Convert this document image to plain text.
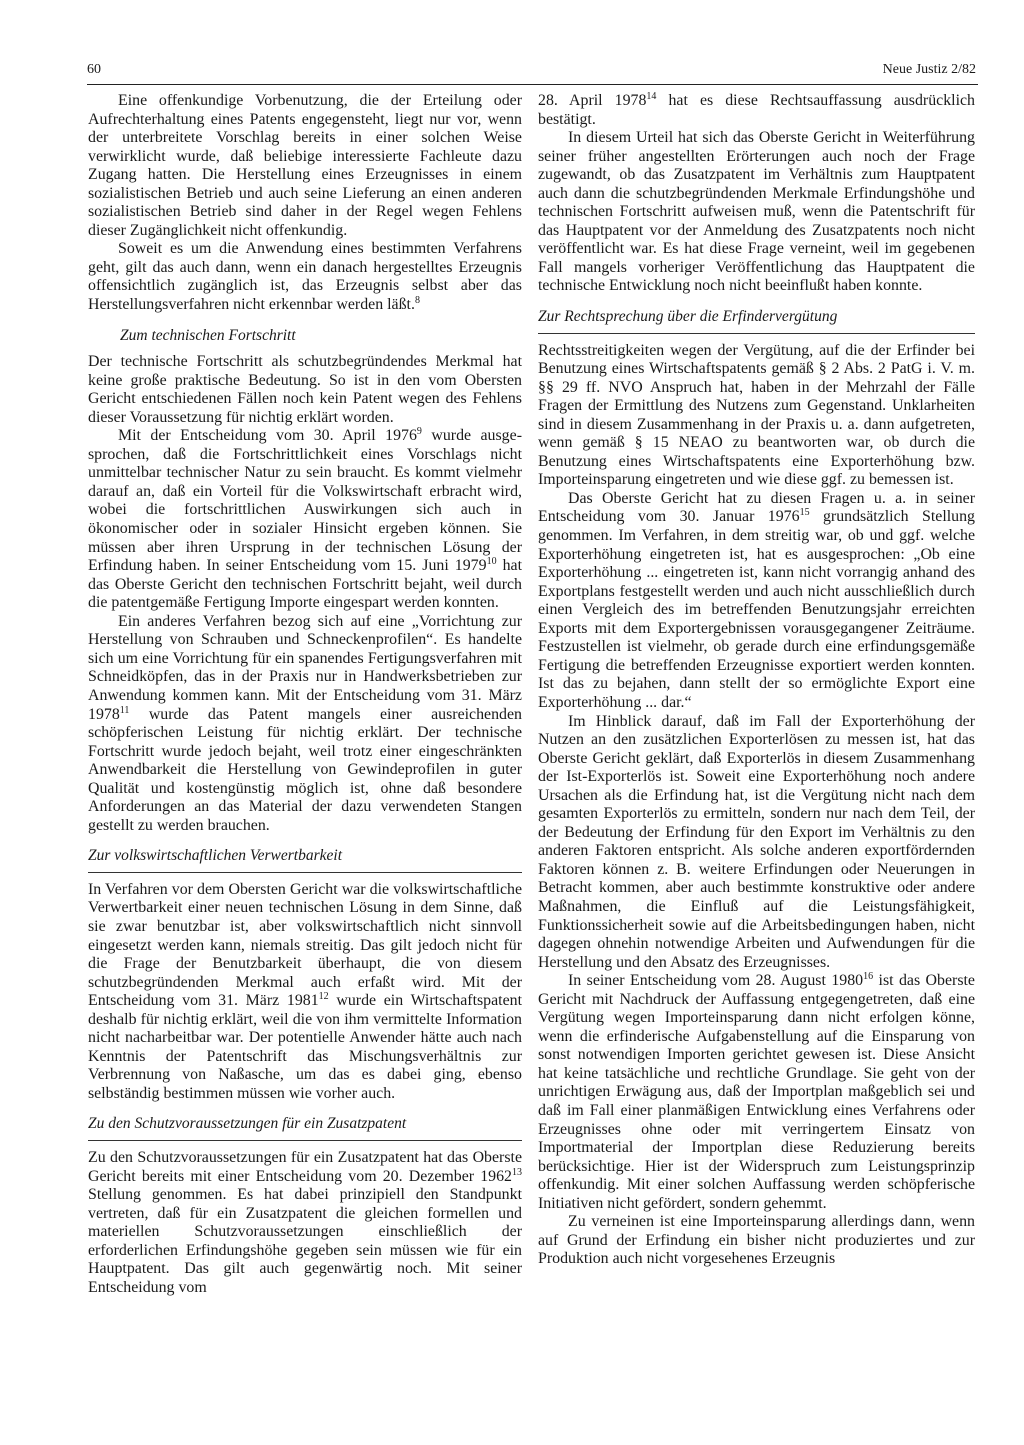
60	Neue Justiz 2/82

Eine offenkundige Vorbenutzung, die der Erteilung oder Aufrechterhaltung eines Patents engegensteht, liegt nur vor, wenn der unterbreitete Vorschlag bereits in einer solchen Weise verwirklicht wurde, daß beliebige interessierte Fachleute dazu Zugang hatten. Die Herstellung eines Erzeugnisses in einem sozialistischen Betrieb und auch seine Lieferung an einen anderen sozialistischen Betrieb sind daher in der Regel wegen Fehlens dieser Zugänglichkeit nicht offenkundig.

Soweit es um die Anwendung eines bestimmten Verfahrens geht, gilt das auch dann, wenn ein danach hergestelltes Erzeugnis offensichtlich zugänglich ist, das Erzeugnis selbst aber das Herstellungsverfahren nicht erkennbar werden läßt.$^8$

Zum technischen Fortschritt

Der technische Fortschritt als schutzbegründendes Merkmal hat keine große praktische Bedeutung. So ist in den vom Obersten Gericht entschiedenen Fällen noch kein Patent wegen des Fehlens dieser Voraussetzung für nichtig erklärt worden.

Mit der Entscheidung vom 30. April 1976$^9$ wurde ausgesprochen, daß die Fortschrittlichkeit eines Vorschlags nicht unmittelbar technischer Natur zu sein braucht. Es kommt vielmehr darauf an, daß ein Vorteil für die Volkswirtschaft erbracht wird, wobei die fortschrittlichen Auswirkungen sich auch in ökonomischer oder in sozialer Hinsicht ergeben können. Sie müssen aber ihren Ursprung in der technischen Lösung der Erfindung haben. In seiner Entscheidung vom 15. Juni 1979$^{10}$ hat das Oberste Gericht den technischen Fortschritt bejaht, weil durch die patentgemäße Fertigung Importe eingespart werden konnten.

Ein anderes Verfahren bezog sich auf eine „Vorrichtung zur Herstellung von Schrauben und Schneckenprofilen“. Es handelte sich um eine Vorrichtung für ein spanendes Fertigungsverfahren mit Schneidköpfen, das in der Praxis nur in Handwerksbetrieben zur Anwendung kommen kann. Mit der Entscheidung vom 31. März 1978$^{11}$ wurde das Patent mangels einer ausreichenden schöpferischen Leistung für nichtig erklärt. Der technische Fortschritt wurde jedoch bejaht, weil trotz einer eingeschränkten Anwendbarkeit die Herstellung von Gewindeprofilen in guter Qualität und kostengünstig möglich ist, ohne daß besondere Anforderungen an das Material der dazu verwendeten Stangen gestellt zu werden brauchen.

Zur volkswirtschaftlichen Verwertbarkeit

In Verfahren vor dem Obersten Gericht war die volkswirtschaftliche Verwertbarkeit einer neuen technischen Lösung in dem Sinne, daß sie zwar benutzbar ist, aber volkswirtschaftlich nicht sinnvoll eingesetzt werden kann, niemals streitig. Das gilt jedoch nicht für die Frage der Benutzbarkeit überhaupt, die von diesem schutzbegründenden Merkmal auch erfaßt wird. Mit der Entscheidung vom 31. März 1981$^{12}$ wurde ein Wirtschaftspatent deshalb für nichtig erklärt, weil die von ihm vermittelte Information nicht nacharbeitbar war. Der potentielle Anwender hätte auch nach Kenntnis der Patentschrift das Mischungsverhältnis zur Verbrennung von Naßasche, um das es dabei ging, ebenso selbständig bestimmen müssen wie vorher auch.

Zu den Schutzvoraussetzungen für ein Zusatzpatent

Zu den Schutzvoraussetzungen für ein Zusatzpatent hat das Oberste Gericht bereits mit einer Entscheidung vom 20. Dezember 1962$^{13}$ Stellung genommen. Es hat dabei prinzipiell den Standpunkt vertreten, daß für ein Zusatzpatent die gleichen formellen und materiellen Schutzvoraussetzungen einschließlich der erforderlichen Erfindungshöhe gegeben sein müssen wie für ein Hauptpatent. Das gilt auch gegenwärtig noch. Mit seiner Entscheidung vom

28. April 1978$^{14}$ hat es diese Rechtsauffassung ausdrücklich bestätigt.

In diesem Urteil hat sich das Oberste Gericht in Weiterführung seiner früher angestellten Erörterungen auch noch der Frage zugewandt, ob das Zusatzpatent im Verhältnis zum Hauptpatent auch dann die schutzbegründenden Merkmale Erfindungshöhe und technischen Fortschritt aufweisen muß, wenn die Patentschrift für das Hauptpatent vor der Anmeldung des Zusatzpatents noch nicht veröffentlicht war. Es hat diese Frage verneint, weil im gegebenen Fall mangels vorheriger Veröffentlichung das Hauptpatent die technische Entwicklung noch nicht beeinflußt haben konnte.

Zur Rechtsprechung über die Erfindervergütung

Rechtsstreitigkeiten wegen der Vergütung, auf die der Erfinder bei Benutzung eines Wirtschaftspatents gemäß § 2 Abs. 2 PatG i. V. m. §§ 29 ff. NVO Anspruch hat, haben in der Mehrzahl der Fälle Fragen der Ermittlung des Nutzens zum Gegenstand. Unklarheiten sind in diesem Zusammenhang in der Praxis u. a. dann aufgetreten, wenn gemäß § 15 NEAO zu beantworten war, ob durch die Benutzung eines Wirtschaftspatents eine Exporterhöhung bzw. Importeinsparung eingetreten und wie diese ggf. zu bemessen ist.

Das Oberste Gericht hat zu diesen Fragen u. a. in seiner Entscheidung vom 30. Januar 1976$^{15}$ grundsätzlich Stellung genommen. Im Verfahren, in dem streitig war, ob und ggf. welche Exporterhöhung eingetreten ist, hat es ausgesprochen: „Ob eine Exporterhöhung ... eingetreten ist, kann nicht vorrangig anhand des Exportplans festgestellt werden und auch nicht ausschließlich durch einen Vergleich des im betreffenden Benutzungsjahr erreichten Exports mit dem Exportergebnissen vorausgegangener Zeiträume. Festzustellen ist vielmehr, ob gerade durch eine erfindungsgemäße Fertigung die betreffenden Erzeugnisse exportiert werden konnten. Ist das zu bejahen, dann stellt der so ermöglichte Export eine Exporterhöhung ... dar.“

Im Hinblick darauf, daß im Fall der Exporterhöhung der Nutzen an den zusätzlichen Exporterlösen zu messen ist, hat das Oberste Gericht geklärt, daß Exporterlös in diesem Zusammenhang der Ist-Exporterlös ist. Soweit eine Exporterhöhung noch andere Ursachen als die Erfindung hat, ist die Vergütung nicht nach dem gesamten Exporterlös zu ermitteln, sondern nur nach dem Teil, der der Bedeutung der Erfindung für den Export im Verhältnis zu den anderen Faktoren entspricht. Als solche anderen exportfördernden Faktoren können z. B. weitere Erfindungen oder Neuerungen in Betracht kommen, aber auch bestimmte konstruktive oder andere Maßnahmen, die Einfluß auf die Leistungsfähigkeit, Funktionssicherheit sowie auf die Arbeitsbedingungen haben, nicht dagegen ohnehin notwendige Arbeiten und Aufwendungen für die Herstellung und den Absatz des Erzeugnisses.

In seiner Entscheidung vom 28. August 1980$^{16}$ ist das Oberste Gericht mit Nachdruck der Auffassung entgegengetreten, daß eine Vergütung wegen Importeinsparung dann nicht erfolgen könne, wenn die erfinderische Aufgabenstellung auf die Einsparung von sonst notwendigen Importen gerichtet gewesen ist. Diese Ansicht hat keine tatsächliche und rechtliche Grundlage. Sie geht von der unrichtigen Erwägung aus, daß der Importplan maßgeblich sei und daß im Fall einer planmäßigen Entwicklung eines Verfahrens oder Erzeugnisses ohne oder mit verringertem Einsatz von Importmaterial der Importplan diese Reduzierung bereits berücksichtige. Hier ist der Widerspruch zum Leistungsprinzip offenkundig. Mit einer solchen Auffassung werden schöpferische Initiativen nicht gefördert, sondern gehemmt.

Zu verneinen ist eine Importeinsparung allerdings dann, wenn auf Grund der Erfindung ein bisher nicht produziertes und zur Produktion auch nicht vorgesehenes Erzeugnis
